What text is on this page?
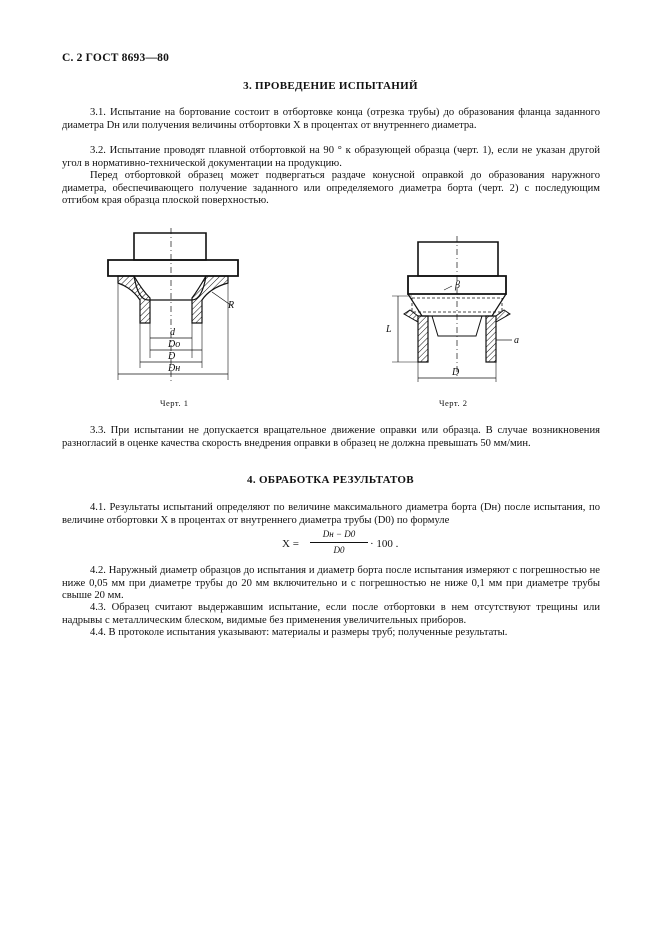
С. 2 ГОСТ 8693—80
3. ПРОВЕДЕНИЕ ИСПЫТАНИЙ
3.1. Испытание на бортование состоит в отбортовке конца (отрезка трубы) до образования фланца заданного диаметра Dн или получения величины отбортовки X в процентах от внутреннего диаметра.
3.2. Испытание проводят плавной отбортовкой на 90 ° к образующей образца (черт. 1), если не указан другой угол в нормативно-технической документации на продукцию.
Перед отбортовкой образец может подвергаться раздаче конусной оправкой до образования наружного диаметра, обеспечивающего получение заданного или определяемого диаметра борта (черт. 2) с последующим отгибом края образца плоской поверхностью.
R
d
Dо
D
Dн
β
L
a
D
Черт. 1	Черт. 2
3.3. При испытании не допускается вращательное движение оправки или образца. В случае возникновения разногласий в оценке качества скорость внедрения оправки в образец не должна превышать 50 мм/мин.
4. ОБРАБОТКА РЕЗУЛЬТАТОВ
4.1. Результаты испытаний определяют по величине максимального диаметра борта (Dн) после испытания, по величине отбортовки X в процентах от внутреннего диаметра трубы (D0) по формуле
X =
Dн − D0
D0	· 100 .
4.2. Наружный диаметр образцов до испытания и диаметр борта после испытания измеряют с погрешностью не ниже 0,05 мм при диаметре трубы до 20 мм включительно и с погрешностью не ниже 0,1 мм при диаметре трубы свыше 20 мм.
4.3. Образец считают выдержавшим испытание, если после отбортовки в нем отсутствуют трещины или надрывы с металлическим блеском, видимые без применения увеличительных приборов.
4.4. В протоколе испытания указывают: материалы и размеры труб; полученные результаты.
